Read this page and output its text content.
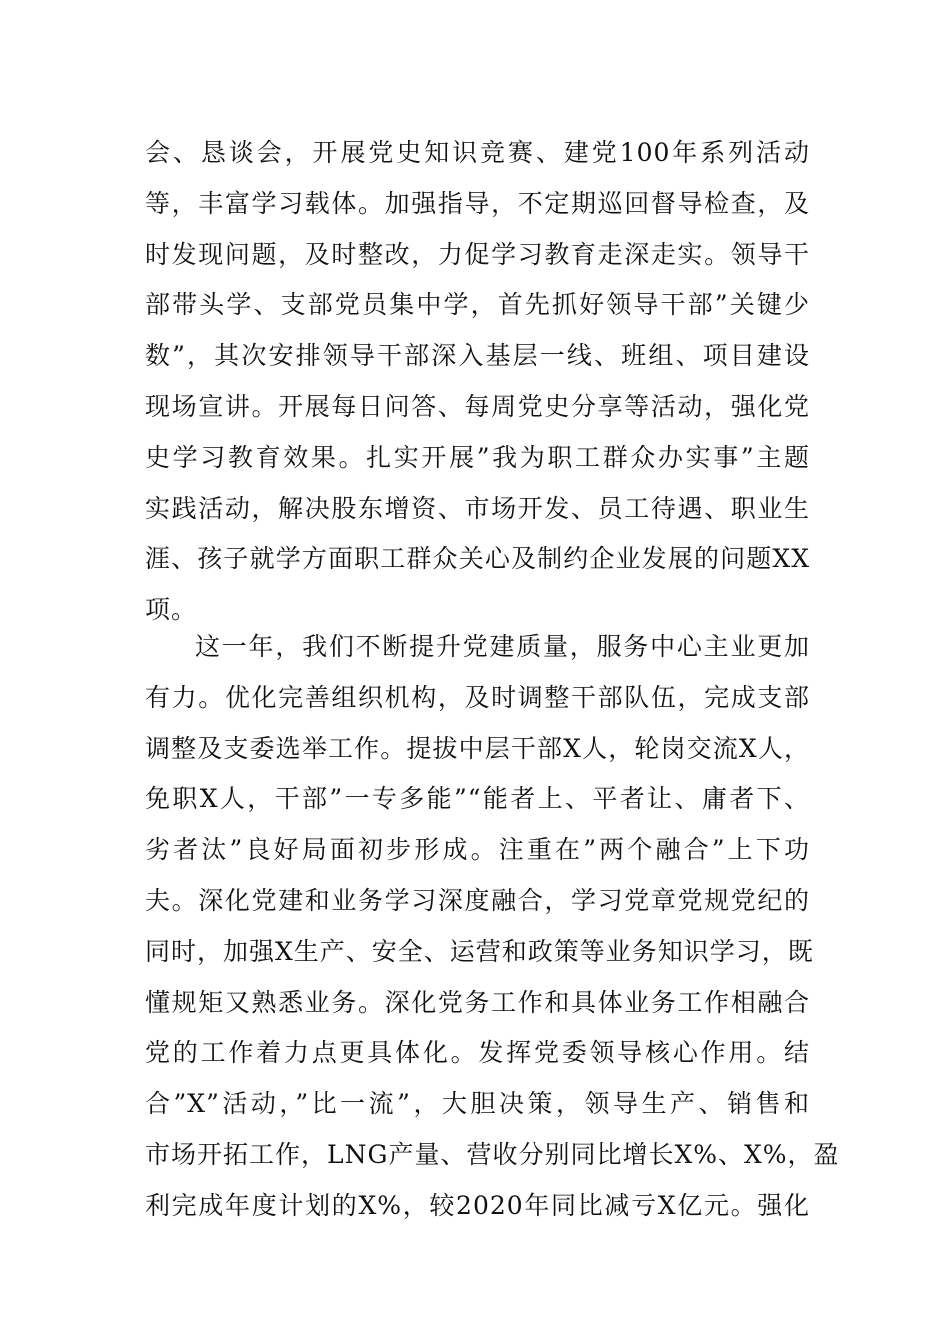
会、恳谈会，开展党史知识竞赛、建党100年系列活动
等，丰富学习载体。加强指导，不定期巡回督导检查，及
时发现问题，及时整改，力促学习教育走深走实。领导干
部带头学、支部党员集中学，首先抓好领导干部”关键少
数”，其次安排领导干部深入基层一线、班组、项目建设
现场宣讲。开展每日问答、每周党史分享等活动，强化党
史学习教育效果。扎实开展”我为职工群众办实事”主题
实践活动，解决股东增资、市场开发、员工待遇、职业生
涯、孩子就学方面职工群众关心及制约企业发展的问题XX
项。
这一年，我们不断提升党建质量，服务中心主业更加
有力。优化完善组织机构，及时调整干部队伍，完成支部
调整及支委选举工作。提拔中层干部X人，轮岗交流X人，
免职X人，干部”一专多能”“能者上、平者让、庸者下、
劣者汰”良好局面初步形成。注重在”两个融合”上下功
夫。深化党建和业务学习深度融合，学习党章党规党纪的
同时，加强X生产、安全、运营和政策等业务知识学习，既
懂规矩又熟悉业务。深化党务工作和具体业务工作相融合
党的工作着力点更具体化。发挥党委领导核心作用。结
合”X”活动，”比一流”，大胆决策，领导生产、销售和
市场开拓工作，LNG产量、营收分别同比增长X%、X%，盈
利完成年度计划的X%，较2020年同比减亏X亿元。强化
